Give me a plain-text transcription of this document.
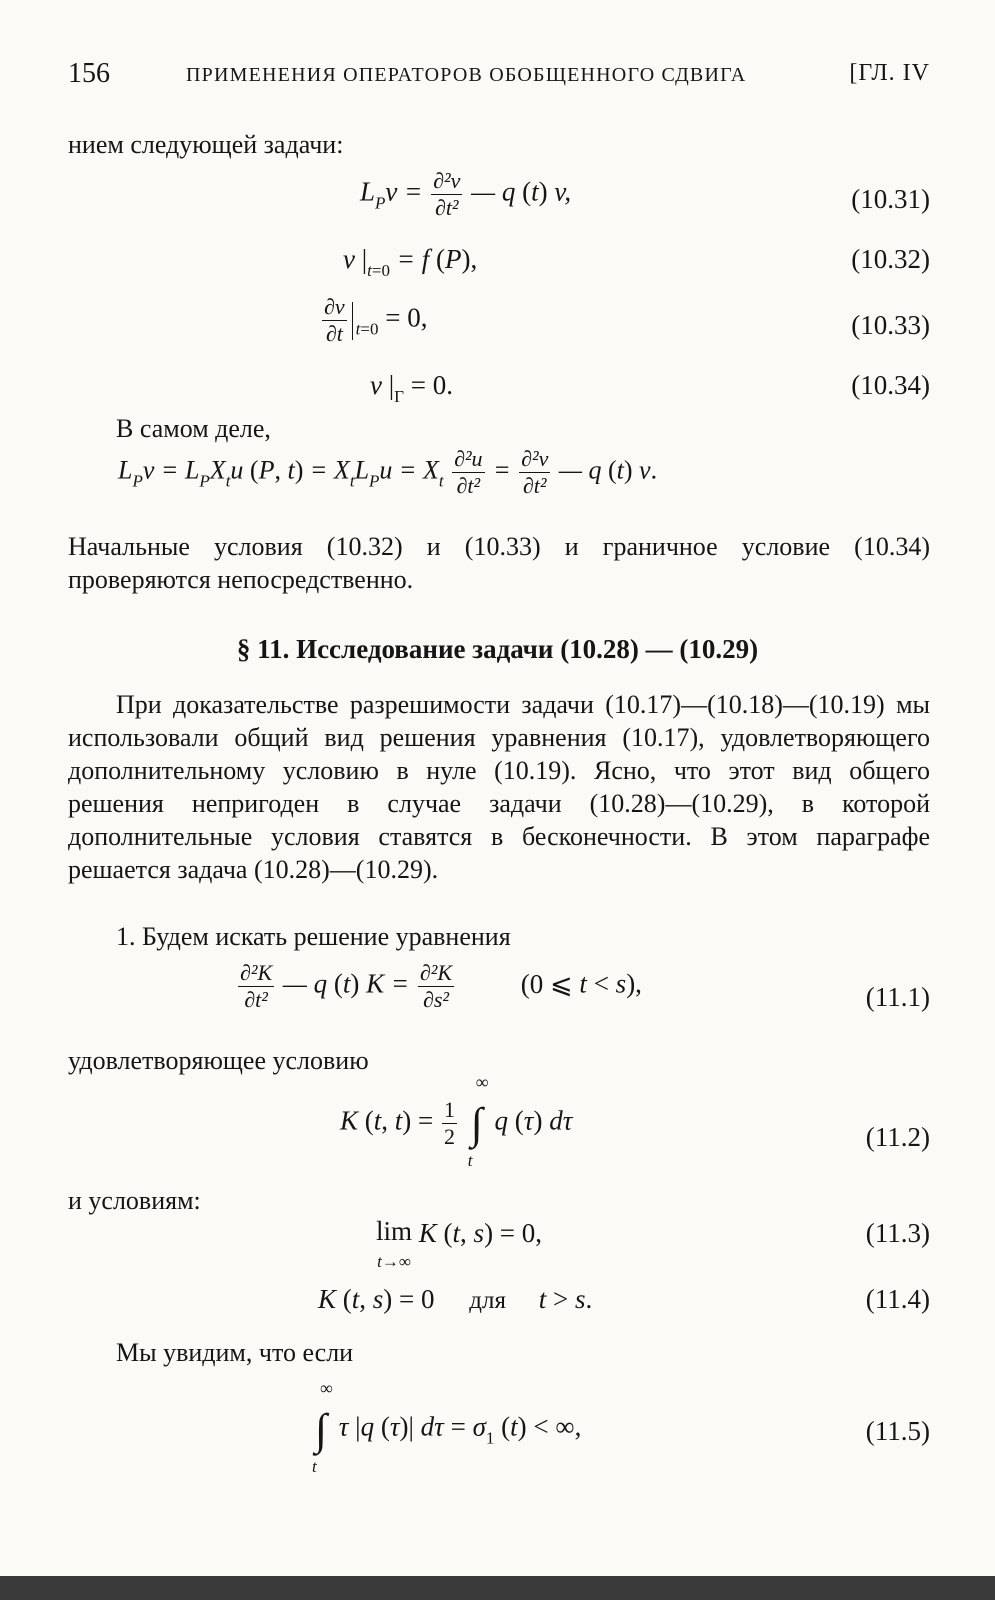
156	ПРИМЕНЕНИЯ ОПЕРАТОРОВ ОБОБЩЕННОГО СДВИГА	[ГЛ. IV

нием следующей задачи:

$L_Pv = \frac{\text{∂²v}}{\text{∂t²}}$ — q (t) v,	(10.31)
v $|_{t=0} = f$ (P),	(10.32)
$\frac{\partial v}{\partial t} _{t=0} = 0$,	(10.33)
v $|_\Gamma = 0$.	(10.34)

В самом деле,

$L_Pv = L_PX_tu$ (P, $t) = X_tL_Pu = X_t \frac{\text{∂²u}}{\text{∂t²}} = \frac{\text{∂²v}}{\text{∂t²}}$ — q (t) v.

Начальные условия (10.32) и (10.33) и граничное условие (10.34) проверяются непосредственно.

§ 11. Исследование задачи (10.28) — (10.29)

При доказательстве разрешимости задачи (10.17)—(10.18)—(10.19) мы использовали общий вид решения уравнения (10.17), удовлетворяющего дополнительному условию в нуле (10.19). Ясно, что этот вид общего решения непригоден в случае задачи (10.28)—(10.29), в которой дополнительные условия ставятся в бесконечности. В этом параграфе решается задача (10.28)—(10.29).

1. Будем искать решение уравнения

$\frac{\text{∂²K}}{\text{∂t²}}$ — q (t) $K = \frac{\text{∂²K}}{\text{∂s²}} (0$ ⩽ t < s),	(11.1)

удовлетворяющее условию

K (t, $t) = \frac{1}{2}$

∞
∫
t
q (τ) dτ
(11.2)

и условиям:

lim
t→∞ K (t, s) = 0,	(11.3)
K (t, s) = 0 для t > s.	(11.4)

Мы увидим, что если

∞
∫
t
τ |q (τ)| $d\tau = \sigma_1$ (t) < ∞,	(11.5)
